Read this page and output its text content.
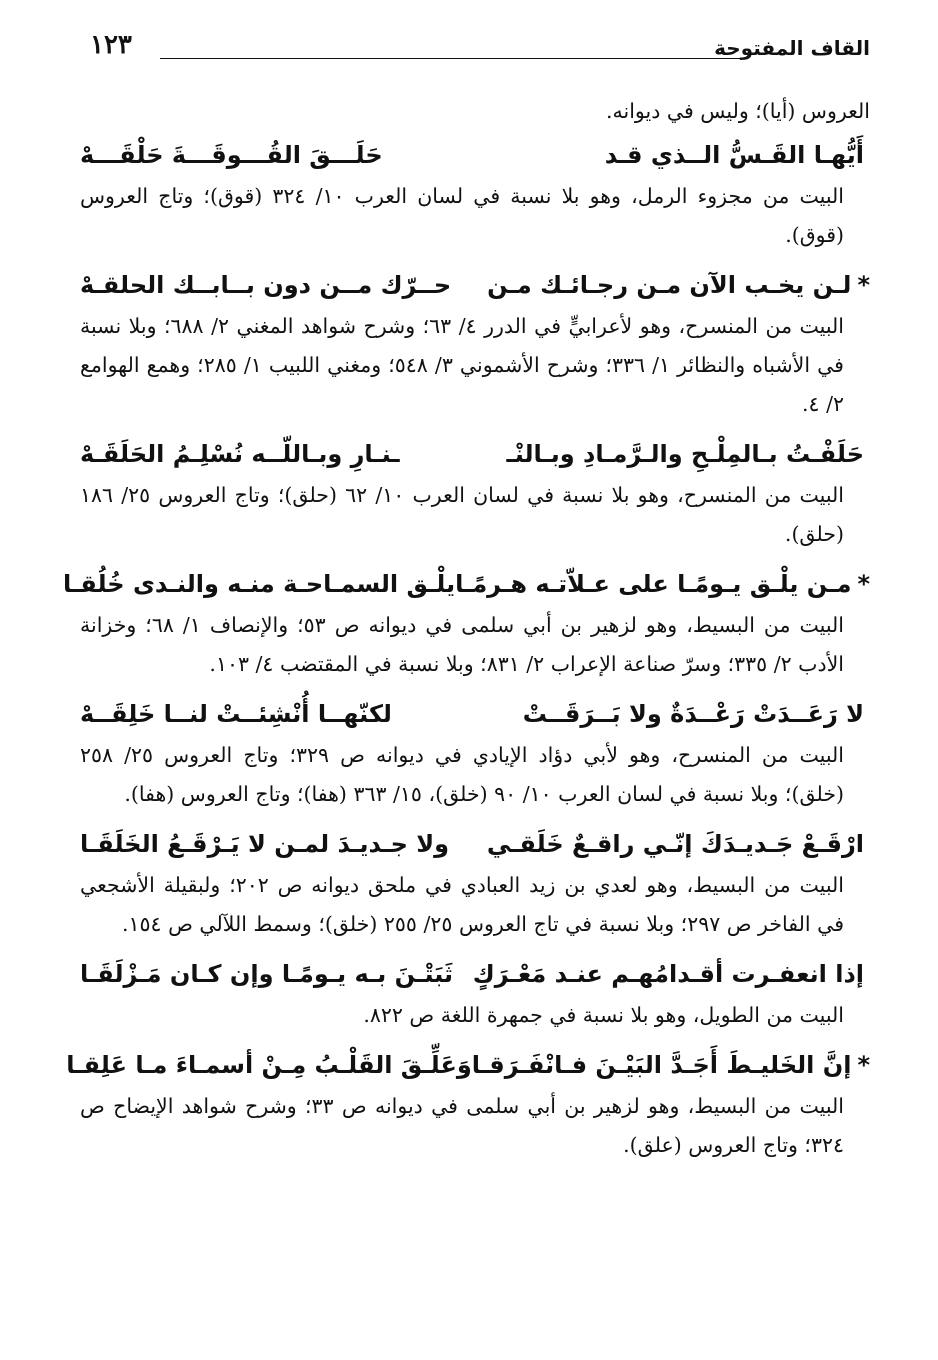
القاف المفتوحة
١٢٣

العروس (أيا)؛ وليس في ديوانه.

أَيُّهـا القَـسُّ الــذي قـد
حَلَـــقَ القُـــوقَـــةَ حَلْقَـــهْ

البيت من مجزوء الرمل، وهو بلا نسبة في لسان العرب ١٠/ ٣٢٤ (قوق)؛ وتاج العروس (قوق).

*لـن يخـب الآن مـن رجـائـك مـن
حــرّك مــن دون بــابــك الحلقـهْ

البيت من المنسرح، وهو لأعرابيٍّ في الدرر ٤/ ٦٣؛ وشرح شواهد المغني ٢/ ٦٨٨؛ وبلا نسبة في الأشباه والنظائر ١/ ٣٣٦؛ وشرح الأشموني ٣/ ٥٤٨؛ ومغني اللبيب ١/ ٢٨٥؛ وهمع الهوامع ٢/ ٤.

حَلَفْـتُ بـالمِلْـحِ والـرَّمـادِ وبـالنْـ
ـنـارِ وبـاللّــه نُسْلِـمُ الحَلَقَـهْ

البيت من المنسرح، وهو بلا نسبة في لسان العرب ١٠/ ٦٢ (حلق)؛ وتاج العروس ٢٥/ ١٨٦ (حلق).

*مـن يلْـق يـومًـا على عـلاّتـه هـرمًـا
يلْـق السمـاحـة منـه والنـدى خُلُقـا

البيت من البسيط، وهو لزهير بن أبي سلمى في ديوانه ص ٥٣؛ والإنصاف ١/ ٦٨؛ وخزانة الأدب ٢/ ٣٣٥؛ وسرّ صناعة الإعراب ٢/ ٨٣١؛ وبلا نسبة في المقتضب ٤/ ١٠٣.

لا رَعَــدَتْ رَعْــدَةٌ ولا بَــرَقَــتْ
لكنّهــا أُنْشِئــتْ لنــا خَلِقَــهْ

البيت من المنسرح، وهو لأبي دؤاد الإيادي في ديوانه ص ٣٢٩؛ وتاج العروس ٢٥/ ٢٥٨ (خلق)؛ وبلا نسبة في لسان العرب ١٠/ ٩٠ (خلق)، ١٥/ ٣٦٣ (هفا)؛ وتاج العروس (هفا).

ارْقَـعْ جَـديـدَكَ إنّـي راقـعٌ خَلَقـي
ولا جـديـدَ لمـن لا يَـرْقَـعُ الخَلَقَـا

البيت من البسيط، وهو لعدي بن زيد العبادي في ملحق ديوانه ص ٢٠٢؛ ولبقيلة الأشجعي في الفاخر ص ٢٩٧؛ وبلا نسبة في تاج العروس ٢٥/ ٢٥٥ (خلق)؛ وسمط اللآلي ص ١٥٤.

إذا انعفـرت أقـدامُهـم عنـد مَعْـرَكٍ
ثَبَتْـنَ بـه يـومًـا وإن كـان مَـزْلَقَـا

البيت من الطويل، وهو بلا نسبة في جمهرة اللغة ص ٨٢٢.

*إنَّ الخَليـطَ أَجَـدَّ البَيْـنَ فـانْفَـرَقـا
وَعَلِّـقَ القَلْـبُ مِـنْ أسمـاءَ مـا عَلِقـا

البيت من البسيط، وهو لزهير بن أبي سلمى في ديوانه ص ٣٣؛ وشرح شواهد الإيضاح ص ٣٢٤؛ وتاج العروس (علق).
